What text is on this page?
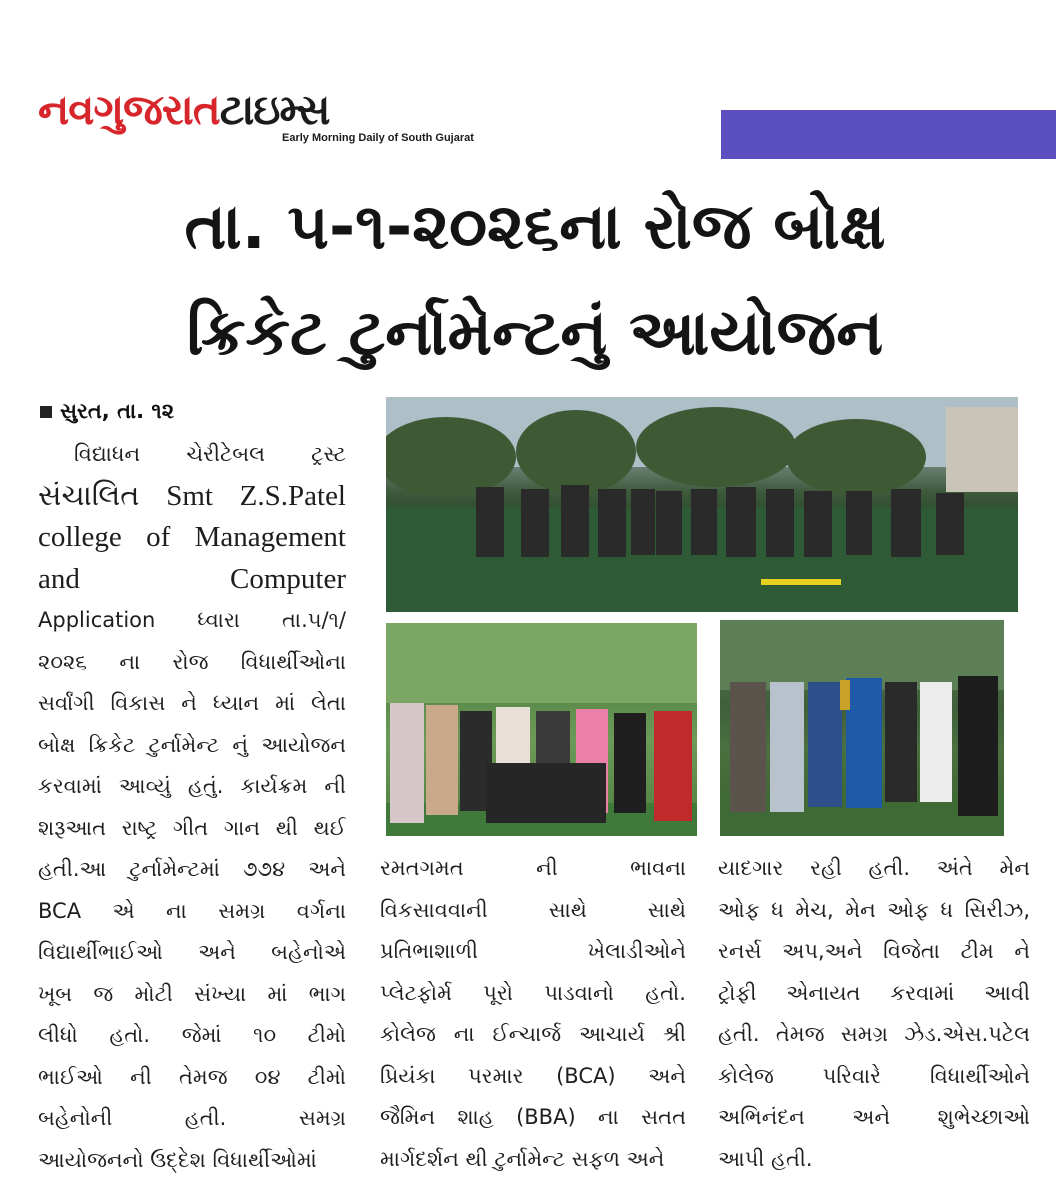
નવગુજરાતટાઇમ્સ
Early Morning Daily of South Gujarat
તા. ૫-૧-૨૦૨૬ના રોજ બોક્ષ
ક્રિકેટ ટુર્નામેન્ટનું આયોજન
સુરત, તા. ૧૨

વિદ્યાધન ચેરીટેબલ ટ્રસ્ટ

સંચાલિત Smt Z.S.Patel

college of Management

and Computer

Application ધ્વારા તા.૫/૧/

૨૦૨૬ ના રોજ વિધાર્થીઓના

સર્વાંગી વિકાસ ને ધ્યાન માં લેતા

બોક્ષ ક્રિકેટ ટુર્નામેન્ટ નું આયોજન

કરવામાં આવ્યું હતું. કાર્યક્રમ ની

શરૂઆત રાષ્ટ્ર ગીત ગાન થી થઈ

હતી.આ ટુર્નામેન્ટમાં ૭૭૪ અને

BCA એ ના સમગ્ર વર્ગના

વિદ્યાર્થીભાઈઓ અને બહેનોએ

ખૂબ જ મોટી સંખ્યા માં ભાગ

લીધો હતો. જેમાં ૧૦ ટીમો

ભાઈઓ ની તેમજ ૦૪ ટીમો

બહેનોની હતી. સમગ્ર

આયોજનનો ઉદ્દેશ વિધાર્થીઓમાં

રમતગમત ની ભાવના

વિકસાવવાની સાથે સાથે

પ્રતિભાશાળી ખેલાડીઓને

પ્લેટફોર્મ પૂરો પાડવાનો હતો.

કોલેજ ના ઈન્ચાર્જ આચાર્ય શ્રી

પ્રિયંકા પરમાર (BCA) અને

જૈમિન શાહ (BBA) ના સતત

માર્ગદર્શન થી ટુર્નામેન્ટ સફળ અને

યાદગાર રહી હતી. અંતે મેન

ઓફ ધ મેચ, મેન ઓફ ધ સિરીઝ,

રનર્સ અપ,અને વિજેતા ટીમ ને

ટ્રોફી એનાયત કરવામાં આવી

હતી. તેમજ સમગ્ર ઝેડ.એસ.પટેલ

કોલેજ પરિવારે વિધાર્થીઓને

અભિનંદન અને શુભેચ્છાઓ

આપી હતી.
